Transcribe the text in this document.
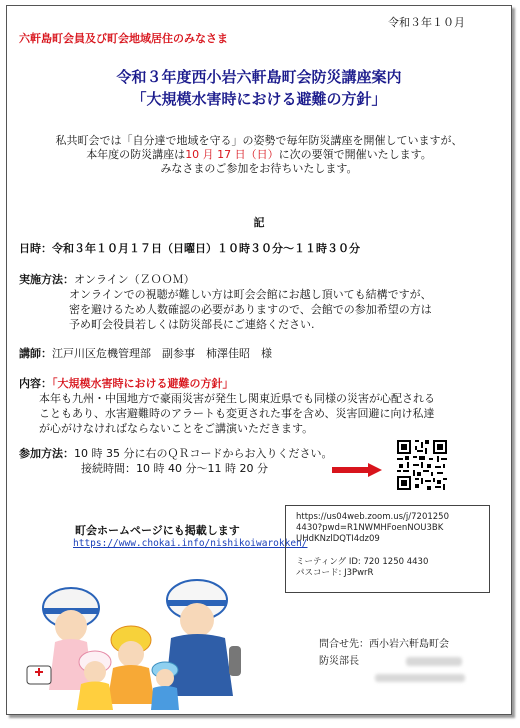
令和３年１０月
六軒島町会員及び町会地域居住のみなさま
令和３年度西小岩六軒島町会防災講座案内
「大規模水害時における避難の方針」
私共町会では「自分達で地域を守る」の姿勢で毎年防災講座を開催していますが、
本年度の防災講座は10 月 17 日（日）に次の要領で開催いたします。
みなさまのご参加をお待ちいたします。
記
日時：令和３年１０月１７日（日曜日）１０時３０分～１１時３０分
実施方法：オンライン（ＺＯＯＭ）
オンラインでの視聴が難しい方は町会会館にお越し頂いても結構ですが、
密を避けるため人数確認の必要がありますので、会館での参加希望の方は
予め町会役員若しくは防災部長にご連絡ください.
講師：江戸川区危機管理部　副参事　柿澤佳昭　様
内容：「大規模水害時における避難の方針」
本年も九州・中国地方で豪雨災害が発生し関東近県でも同様の災害が心配される
こともあり、水害避難時のアラートも変更された事を含め、災害回避に向け私達
が心がけなければならないことをご講演いただきます。
参加方法：10 時 35 分に右のＱＲコードからお入りください。
接続時間：10 時 40 分～11 時 20 分
町会ホームページにも掲載します
https://www.chokai.info/nishikoiwarokken/
https://us04web.zoom.us/j/7201250
4430?pwd=R1NWMHFoenNOU3BK
UHdKNzlDQTI4dz09
ミーティング ID: 720 1250 4430
パスコード: J3PwrR
問合せ先：西小岩六軒島町会
防災部長
